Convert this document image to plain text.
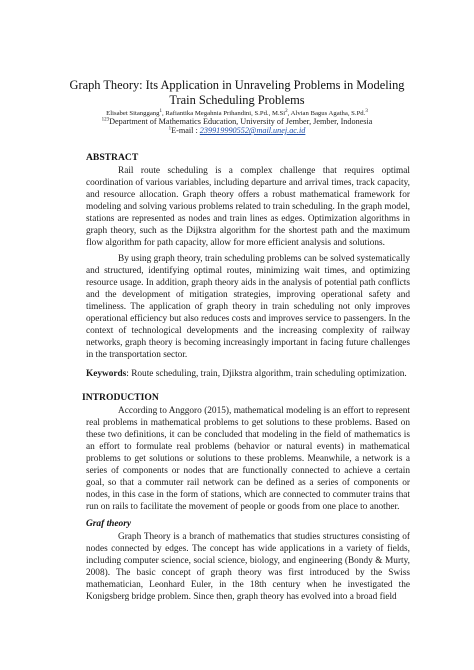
Graph Theory: Its Application in Unraveling Problems in Modeling Train Scheduling Problems
Elisabet Sitanggang$^1$, Rafiantika Megahnia Prihandini, S.Pd., M.Si$^2$, Alvian Bagus Agatha, S.Pd.$^3$
$^{123}$Department of Mathematics Education, University of Jember, Jember, Indonesia
$^1$E-mail : 239919990552@mail.unej.ac.id
ABSTRACT

Rail route scheduling is a complex challenge that requires optimal coordination of various variables, including departure and arrival times, track capacity, and resource allocation. Graph theory offers a robust mathematical framework for modeling and solving various problems related to train scheduling. In the graph model, stations are represented as nodes and train lines as edges. Optimization algorithms in graph theory, such as the Dijkstra algorithm for the shortest path and the maximum flow algorithm for path capacity, allow for more efficient analysis and solutions.

By using graph theory, train scheduling problems can be solved systematically and structured, identifying optimal routes, minimizing wait times, and optimizing resource usage. In addition, graph theory aids in the analysis of potential path conflicts and the development of mitigation strategies, improving operational safety and timeliness. The application of graph theory in train scheduling not only improves operational efficiency but also reduces costs and improves service to passengers. In the context of technological developments and the increasing complexity of railway networks, graph theory is becoming increasingly important in facing future challenges in the transportation sector.

Keywords: Route scheduling, train, Djikstra algorithm, train scheduling optimization.

INTRODUCTION

According to Anggoro (2015), mathematical modeling is an effort to represent real problems in mathematical problems to get solutions to these problems. Based on these two definitions, it can be concluded that modeling in the field of mathematics is an effort to formulate real problems (behavior or natural events) in mathematical problems to get solutions or solutions to these problems. Meanwhile, a network is a series of components or nodes that are functionally connected to achieve a certain goal, so that a commuter rail network can be defined as a series of components or nodes, in this case in the form of stations, which are connected to commuter trains that run on rails to facilitate the movement of people or goods from one place to another.

Graf theory

Graph Theory is a branch of mathematics that studies structures consisting of nodes connected by edges. The concept has wide applications in a variety of fields, including computer science, social science, biology, and engineering (Bondy & Murty, 2008). The basic concept of graph theory was first introduced by the Swiss mathematician, Leonhard Euler, in the 18th century when he investigated the Konigsberg bridge problem. Since then, graph theory has evolved into a broad field
